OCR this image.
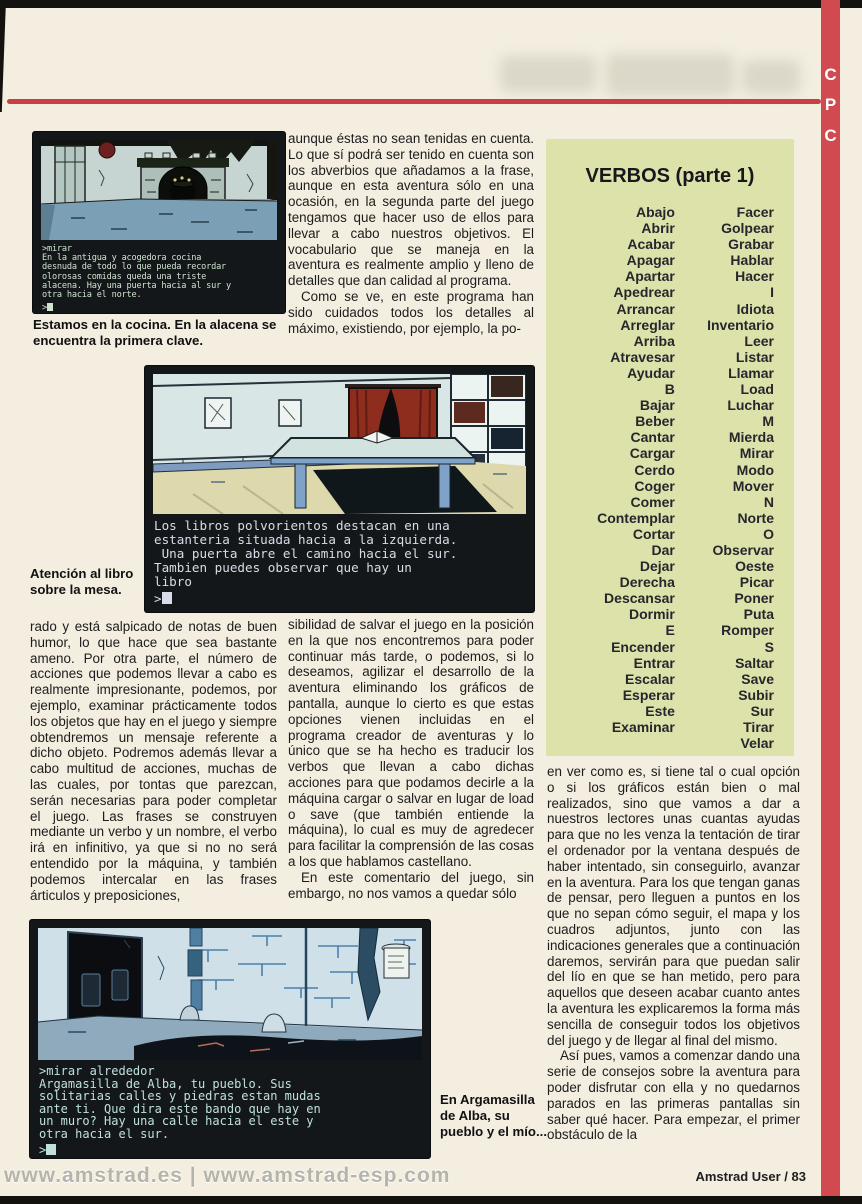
C
P
C
>mirar
En la antigua y acogedora cocina
desnuda de todo lo que pueda recordar
olorosas comidas queda una triste
alacena. Hay una puerta hacia al sur y
otra hacia el norte.
>
Estamos en la cocina. En la alacena se encuentra la primera clave.

aunque éstas no sean tenidas en cuenta. Lo que sí podrá ser tenido en cuenta son los abverbios que añadamos a la frase, aunque en esta aventura sólo en una ocasión, en la segunda parte del juego tengamos que hacer uso de ellos para llevar a cabo nuestros objetivos. El vocabulario que se maneja en la aventura es realmente amplio y lleno de detalles que dan calidad al programa.

Como se ve, en este programa han sido cuidados todos los detalles al máximo, existiendo, por ejemplo, la po-

VERBOS (parte 1)
Abajo
Abrir
Acabar
Apagar
Apartar
Apedrear
Arrancar
Arreglar
Arriba
Atravesar
Ayudar
B
Bajar
Beber
Cantar
Cargar
Cerdo
Coger
Comer
Contemplar
Cortar
Dar
Dejar
Derecha
Descansar
Dormir
E
Encender
Entrar
Escalar
Esperar
Este
Examinar
Facer
Golpear
Grabar
Hablar
Hacer
I
Idiota
Inventario
Leer
Listar
Llamar
Load
Luchar
M
Mierda
Mirar
Modo
Mover
N
Norte
O
Observar
Oeste
Picar
Poner
Puta
Romper
S
Saltar
Save
Subir
Sur
Tirar
Velar
Los libros polvorientos destacan en una
estanteria situada hacia a la izquierda.
Una puerta abre el camino hacia el sur.
Tambien puedes observar que hay un
libro
>
Atención al libro sobre la mesa.

rado y está salpicado de notas de buen humor, lo que hace que sea bastante ameno. Por otra parte, el número de acciones que podemos llevar a cabo es realmente impresionante, podemos, por ejemplo, examinar prácticamente todos los objetos que hay en el juego y siempre obtendremos un mensaje referente a dicho objeto. Podremos además llevar a cabo multitud de acciones, muchas de las cuales, por tontas que parezcan, serán necesarias para poder completar el juego. Las frases se construyen mediante un verbo y un nombre, el verbo irá en infinitivo, ya que si no no será entendido por la máquina, y también podemos intercalar en las frases árticulos y preposiciones,

sibilidad de salvar el juego en la posición en la que nos encontremos para poder continuar más tarde, o podemos, si lo deseamos, agilizar el desarrollo de la aventura eliminando los gráficos de pantalla, aunque lo cierto es que estas opciones vienen incluidas en el programa creador de aventuras y lo único que se ha hecho es traducir los verbos que llevan a cabo dichas acciones para que podamos decirle a la máquina cargar o salvar en lugar de load o save (que también entiende la máquina), lo cual es muy de agredecer para facilitar la comprensión de las cosas a los que hablamos castellano.

En este comentario del juego, sin embargo, no nos vamos a quedar sólo

en ver como es, si tiene tal o cual opción o si los gráficos están bien o mal realizados, sino que vamos a dar a nuestros lectores unas cuantas ayudas para que no les venza la tentación de tirar el ordenador por la ventana después de haber intentado, sin conseguirlo, avanzar en la aventura. Para los que tengan ganas de pensar, pero lleguen a puntos en los que no sepan cómo seguir, el mapa y los cuadros adjuntos, junto con las indicaciones generales que a continuación daremos, servirán para que puedan salir del lío en que se han metido, pero para aquellos que deseen acabar cuanto antes la aventura les explicaremos la forma más sencilla de conseguir todos los objetivos del juego y de llegar al final del mismo.

Así pues, vamos a comenzar dando una serie de consejos sobre la aventura para poder disfrutar con ella y no quedarnos parados en las primeras pantallas sin saber qué hacer. Para empezar, el primer obstáculo de la

>mirar alrededor
Argamasilla de Alba, tu pueblo. Sus
solitarias calles y piedras estan mudas
ante ti. Que dira este bando que hay en
un muro? Hay una calle hacia el este y
otra hacia el sur.
>
En Argamasilla de Alba, su pueblo y el mío...
Amstrad User / 83
www.amstrad.es | www.amstrad-esp.com
